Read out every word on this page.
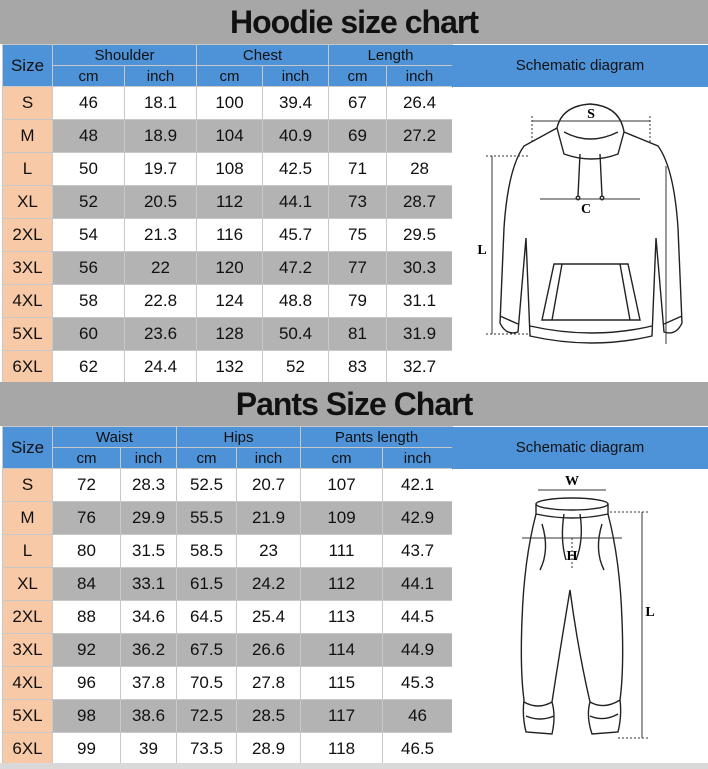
Hoodie size chart
Size	Shoulder		Chest		Length	
	cm	inch	cm	inch	cm	inch
S	46	18.1	100	39.4	67	26.4
M	48	18.9	104	40.9	69	27.2
L	50	19.7	108	42.5	71	28
XL	52	20.5	112	44.1	73	28.7
2XL	54	21.3	116	45.7	75	29.5
3XL	56	22	120	47.2	77	30.3
4XL	58	22.8	124	48.8	79	31.1
5XL	60	23.6	128	50.4	81	31.9
6XL	62	24.4	132	52	83	32.7
Schematic diagram
S
C
L
Pants Size Chart
Size	Waist		Hips		Pants length	
	cm	inch	cm	inch	cm	inch
S	72	28.3	52.5	20.7	107	42.1
M	76	29.9	55.5	21.9	109	42.9
L	80	31.5	58.5	23	111	43.7
XL	84	33.1	61.5	24.2	112	44.1
2XL	88	34.6	64.5	25.4	113	44.5
3XL	92	36.2	67.5	26.6	114	44.9
4XL	96	37.8	70.5	27.8	115	45.3
5XL	98	38.6	72.5	28.5	117	46
6XL	99	39	73.5	28.9	118	46.5
Schematic diagram
W
H
L
